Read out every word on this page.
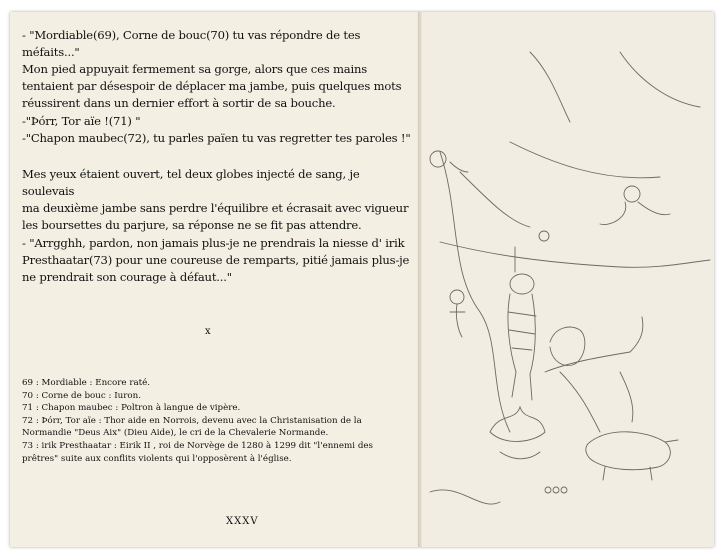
- "Mordiable(69), Corne de bouc(70) tu vas répondre de tes méfaits..."

Mon pied appuyait fermement sa gorge, alors que ces mains

tentaient par désespoir de déplacer ma jambe, puis quelques mots

réussirent dans un dernier effort à sortir de sa bouche.

-"Þórr, Tor aïe !(71) "

-"Chapon maubec(72), tu parles païen tu vas regretter tes paroles !"

Mes yeux étaient ouvert, tel deux globes injecté de sang, je soulevais

ma deuxième jambe sans perdre l'équilibre et écrasait avec vigueur

les boursettes du parjure, sa réponse ne se fit pas attendre.

- "Arrgghh, pardon, non jamais plus-je ne prendrais la niesse d' irik

Presthaatar(73) pour une coureuse de remparts, pitié jamais plus-je

ne prendrait son courage à défaut..."

x
69 : Mordiable : Encore raté.
70 : Corne de bouc : Iuron.
71 : Chapon maubec : Poltron à langue de vipère.
72 : Þórr, Tor aïe : Thor aide en Norrois, devenu avec la Christanisation de la
Normandie "Deus Aix" (Dieu Aide), le cri de la Chevalerie Normande.
73 : irik Presthaatar : Eirik II , roi de Norvège de 1280 à 1299 dit "l'ennemi des
prêtres" suite aux conflits violents qui l'opposèrent à l'église.
XXXV
